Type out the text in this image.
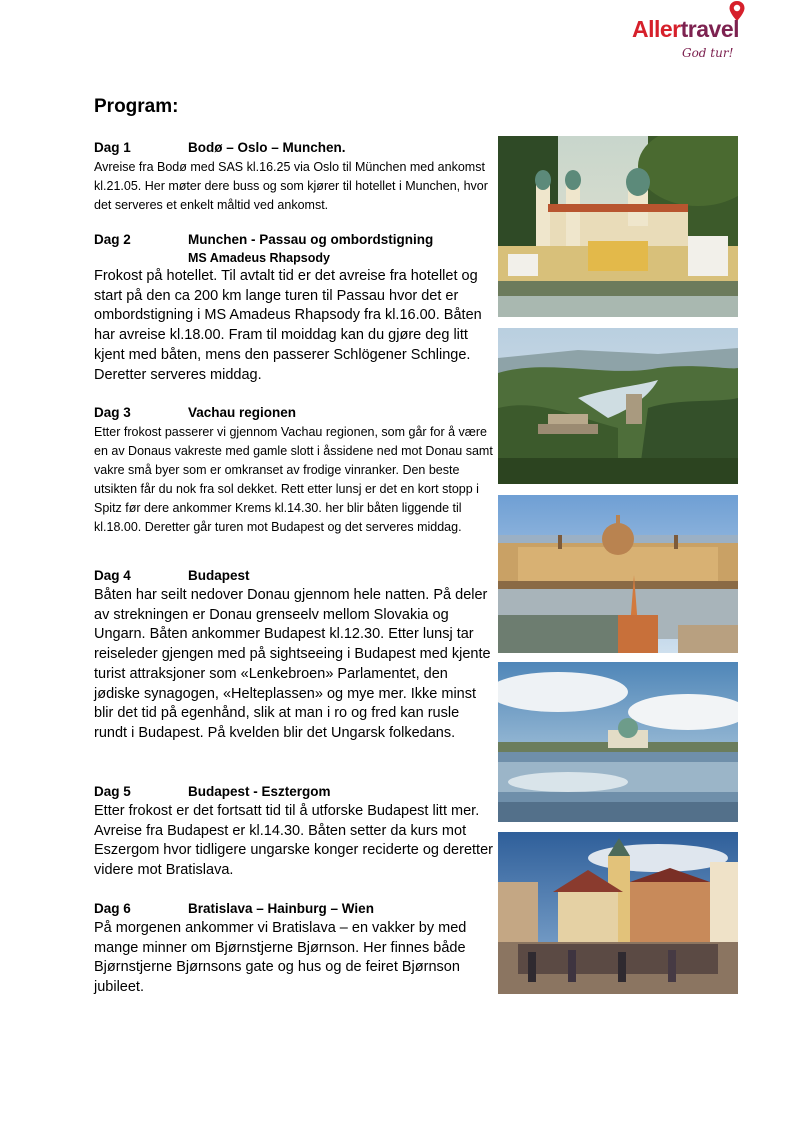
Allertravel
God tur!
Program:
Dag 1	Bodø – Oslo – Munchen.
Avreise fra Bodø med SAS kl.16.25 via Oslo til München med ankomst kl.21.05. Her møter dere buss og som kjører til hotellet i Munchen, hvor det serveres et enkelt måltid ved ankomst.
Dag 2	Munchen - Passau og ombordstigning
MS Amadeus Rhapsody
Frokost på hotellet. Til avtalt tid er det avreise fra hotellet og start på den ca 200 km lange turen til Passau hvor det er ombordstigning i MS Amadeus Rhapsody fra kl.16.00. Båten har avreise kl.18.00. Fram til moiddag kan du gjøre deg litt kjent med båten, mens den passerer Schlögener Schlinge. Deretter serveres middag.
Dag 3	Vachau regionen
Etter frokost passerer vi gjennom Vachau regionen, som går for å være en av Donaus vakreste med gamle slott i åssidene ned mot Donau samt vakre små byer som er omkranset av frodige vinranker. Den beste utsikten får du nok fra sol dekket. Rett etter lunsj er det en kort stopp i Spitz før dere ankommer Krems kl.14.30. her blir båten liggende til kl.18.00. Deretter går turen mot Budapest og det serveres middag.
Dag 4	Budapest
Båten har seilt nedover Donau gjennom hele natten. På deler av strekningen er Donau grenseelv mellom Slovakia og Ungarn. Båten ankommer Budapest kl.12.30. Etter lunsj tar reiseleder gjengen med på sightseeing i Budapest med kjente turist attraksjoner som «Lenkebroen» Parlamentet, den jødiske synagogen, «Helteplassen» og mye mer. Ikke minst blir det tid på egenhånd, slik at man i ro og fred kan rusle rundt i Budapest. På kvelden blir det Ungarsk folkedans.
Dag 5	Budapest - Esztergom
Etter frokost er det fortsatt tid til å utforske Budapest litt mer. Avreise fra Budapest er kl.14.30. Båten setter da kurs mot Eszergom hvor tidligere ungarske konger reciderte og deretter videre mot Bratislava.
Dag 6	Bratislava – Hainburg – Wien
På morgenen ankommer vi Bratislava – en vakker by med mange minner om Bjørnstjerne Bjørnson. Her finnes både Bjørnstjerne Bjørnsons gate og hus og de feiret Bjørnson jubileet.
